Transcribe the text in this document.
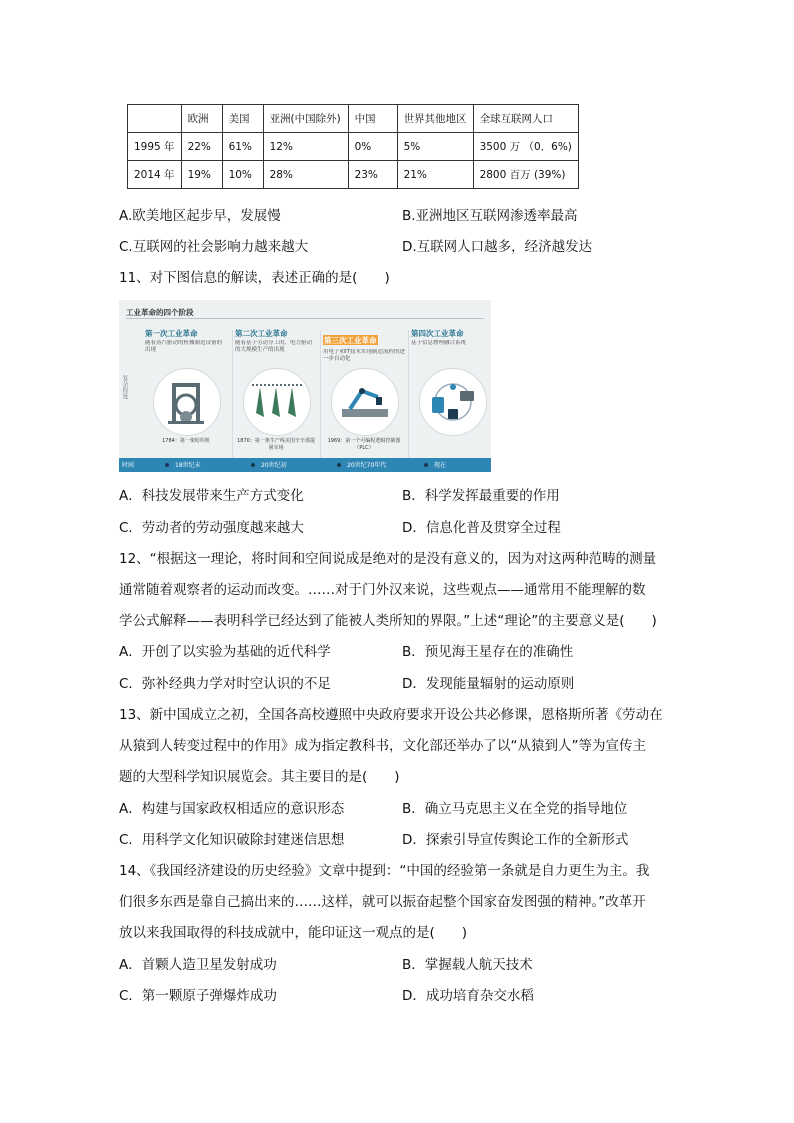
	欧洲	美国	亚洲(中国除外)	中国	世界其他地区	全球互联网人口
1995 年	22%	61%	12%	0%	5%	3500 万 （0．6%)
2014 年	19%	10%	28%	23%	21%	2800 百万 (39%)
A.欧美地区起步早，发展慢	B.亚洲地区互联网渗透率最高
C.互联网的社会影响力越来越大	D.互联网人口越多，经济越发达
11、对下图信息的解读，表述正确的是(　　)
工业革命的四个阶段
复杂程度
第一次工业革命
随着蒸汽驱动的机械制造设备的出现
1784：第一架纺织机
第二次工业革命
随着基于劳动分工的、电力驱动的大规模生产的出现
1870：第一条生产线美国辛辛那提屠宰场
第三次工业革命
用电子和IT技术实现制造流程的进一步自动化
1969：第一个可编程逻辑控制器（PLC）
第四次工业革命
基于信息物理融合系统
时间	18世纪末	20世纪初	20世纪70年代	现在
A．科技发展带来生产方式变化	B．科学发挥最重要的作用
C．劳动者的劳动强度越来越大	D．信息化普及贯穿全过程
12、“根据这一理论，将时间和空间说成是绝对的是没有意义的，因为对这两种范畴的测量
通常随着观察者的运动而改变。……对于门外汉来说，这些观点——通常用不能理解的数
学公式解释——表明科学已经达到了能被人类所知的界限。”上述“理论”的主要意义是(　　)
A．开创了以实验为基础的近代科学	B．预见海王星存在的准确性
C．弥补经典力学对时空认识的不足	D．发现能量辐射的运动原则
13、新中国成立之初，全国各高校遵照中央政府要求开设公共必修课，恩格斯所著《劳动在
从猿到人转变过程中的作用》成为指定教科书，文化部还举办了以“从猿到人”等为宣传主
题的大型科学知识展览会。其主要目的是(　　)
A．构建与国家政权相适应的意识形态	B．确立马克思主义在全党的指导地位
C．用科学文化知识破除封建迷信思想	D．探索引导宣传舆论工作的全新形式
14、《我国经济建设的历史经验》文章中提到：“中国的经验第一条就是自力更生为主。我
们很多东西是靠自己搞出来的……这样，就可以振奋起整个国家奋发图强的精神。”改革开
放以来我国取得的科技成就中，能印证这一观点的是(　　)
A．首颗人造卫星发射成功	B．掌握载人航天技术
C．第一颗原子弹爆炸成功	D．成功培育杂交水稻
